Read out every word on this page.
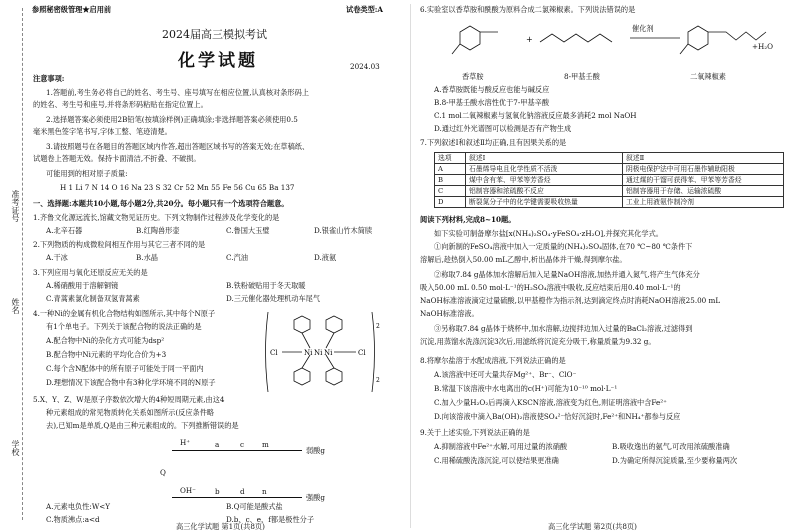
准考证号
姓名
学校
参照秘密级管理★启用前	试卷类型:A
2024届高三模拟考试
化学试题	2024.03
注意事项:
1.答题前,考生务必将自己的姓名、考生号、座号填写在相应位置,认真核对条形码上
的姓名、考生号和座号,并将条形码粘贴在指定位置上。
2.选择题答案必须使用2B铅笔(按填涂样例)正确填涂;非选择题答案必须使用0.5
毫米黑色签字笔书写,字体工整、笔迹清楚。
3.请按照题号在各题目的答题区域内作答,超出答题区域书写的答案无效;在草稿纸、
试题卷上答题无效。保持卡面清洁,不折叠、不破损。
可能用到的相对原子质量:
H 1 Li 7 N 14 O 16 Na 23 S 32 Cr 52 Mn 55 Fe 56 Cu 65 Ba 137
一、选择题:本题共10小题,每小题2分,共20分。每小题只有一个选项符合题意。
1.齐鲁文化源远流长,馆藏文物见证历史。下列文物制作过程涉及化学变化的是
A.北辛石器	B.红陶兽形壶	C.鲁国大玉璧	D.银雀山竹木简牍
2.下列物质的构成微粒间相互作用与其它三者不同的是
A.干冰	B.水晶	C.汽油	D.液氨
3.下列应用与氧化还原反应无关的是
A.稀硝酸用于溶解铜镜	B.铁粉破贴用于冬天取暖
C.青蒿素氯化制备双氢青蒿素	D.三元催化器处理机动车尾气
4.一种Ni的金属有机化合物结构如图所示,其中每个N原子
有1个单电子。下列关于该配合物的说法正确的是
A.配合物中Ni的杂化方式可能为dsp²
B.配合物中Ni元素的平均化合价为+3
C.每个含N配体中的所有原子可能处于同一平面内
D.理想情况下该配合物中有3种化学环境不同的N原子
Ni Ni Ni
Cl	Cl
2
2
5.X、Y、Z、W是原子序数依次增大的4种短周期元素,由这4
种元素组成的常见物质转化关系如图所示(反应条件略
去),已知m是单质,Q是由三种元素组成的。下列推断错误的是
Q
H⁺
OH⁻
a
b
c
d
m
n
弱酸g
强酸g
A.元素电负性:W<Y	B.Q可能是酸式盐
C.物质沸点:a<d	D.b、c、e、f都是极性分子
高三化学试题 第1页(共8页)
6.实验室以香草胺和酰酸为原料合成二氯辣椒素。下列说法错误的是
+
催化剂
+H₂O
香草胺	8-甲基壬酸	二氧辣椒素
A.香草胺既能与酸反应也能与碱反应
B.8-甲基壬酸水溶性优于7-甲基辛酸
C.1 mol二氧辣椒素与氢氧化钠溶液反应最多消耗2 mol NaOH
D.通过红外光谱图可以检测是否有产物生成
7.下列叙述Ⅰ和叙述Ⅱ均正确,且有因果关系的是
选项	叙述Ⅰ	叙述Ⅱ
A	石墨烯导电且化学性质不活泼	阴极电保护法中可用石墨作辅助阳极
B	煤中含有苯、甲苯等芳香烃	通过煤的干馏可获得苯、甲苯等芳香烃
C	铝制容器和浓硫酸不反应	铝制容器用于存储、运输浓硫酸
D	断裂氮分子中的化学键需要吸收热量	工业上用液氨作制冷剂
阅读下列材料,完成8~10题。
如下实验可制备摩尔盐[x(NH₄)₂SO₄·yFeSO₄·zH₂O],并探究其化学式。
①向新制的FeSO₄溶液中加入一定质量的(NH₄)₂SO₄固体,在70 ℃~80 ℃条件下
溶解后,趁热倒入50.00 mL乙醇中,析出晶体并干燥,得到摩尔盐。
②称取7.84 g晶体加水溶解后加入足量NaOH溶液,加热并通入氮气,将产生气体充分
吸入50.00 mL 0.50 mol·L⁻¹的H₂SO₄溶液中吸收,反应结束后用0.40 mol·L⁻¹的
NaOH标准溶液滴定过量硫酸,以甲基橙作为指示剂,达到滴定终点时消耗NaOH溶液25.00 mL
NaOH标准溶液。
③另称取7.84 g晶体于烧杯中,加水溶解,边搅拌边加入过量的BaCl₂溶液,过滤得到
沉淀,用蒸馏水洗涤沉淀3次后,用滤纸将沉淀充分吸干,称量质量为9.32 g。
8.将摩尔盐溶于水配成溶液,下列说法正确的是
A.该溶液中还可大量共存Mg²⁺、Br⁻、ClO⁻
B.常温下该溶液中水电离出的c(H⁺)可能为10⁻¹⁰ mol·L⁻¹
C.加入少量H₂O₂后再滴入KSCN溶液,溶液变为红色,则证明溶液中含Fe²⁺
D.向该溶液中滴入Ba(OH)₂溶液使SO₄²⁻恰好沉淀时,Fe²⁺和NH₄⁺都参与反应
9.关于上述实验,下列说法正确的是
A.抑制溶液中Fe²⁺水解,可用过量的浓硝酸	B.吸收逸出的氨气,可改用浓硫酸准确
C.用稀硫酸洗涤沉淀,可以使结果更准确	D.为确定所得沉淀质量,至少要称量两次
高三化学试题 第2页(共8页)
